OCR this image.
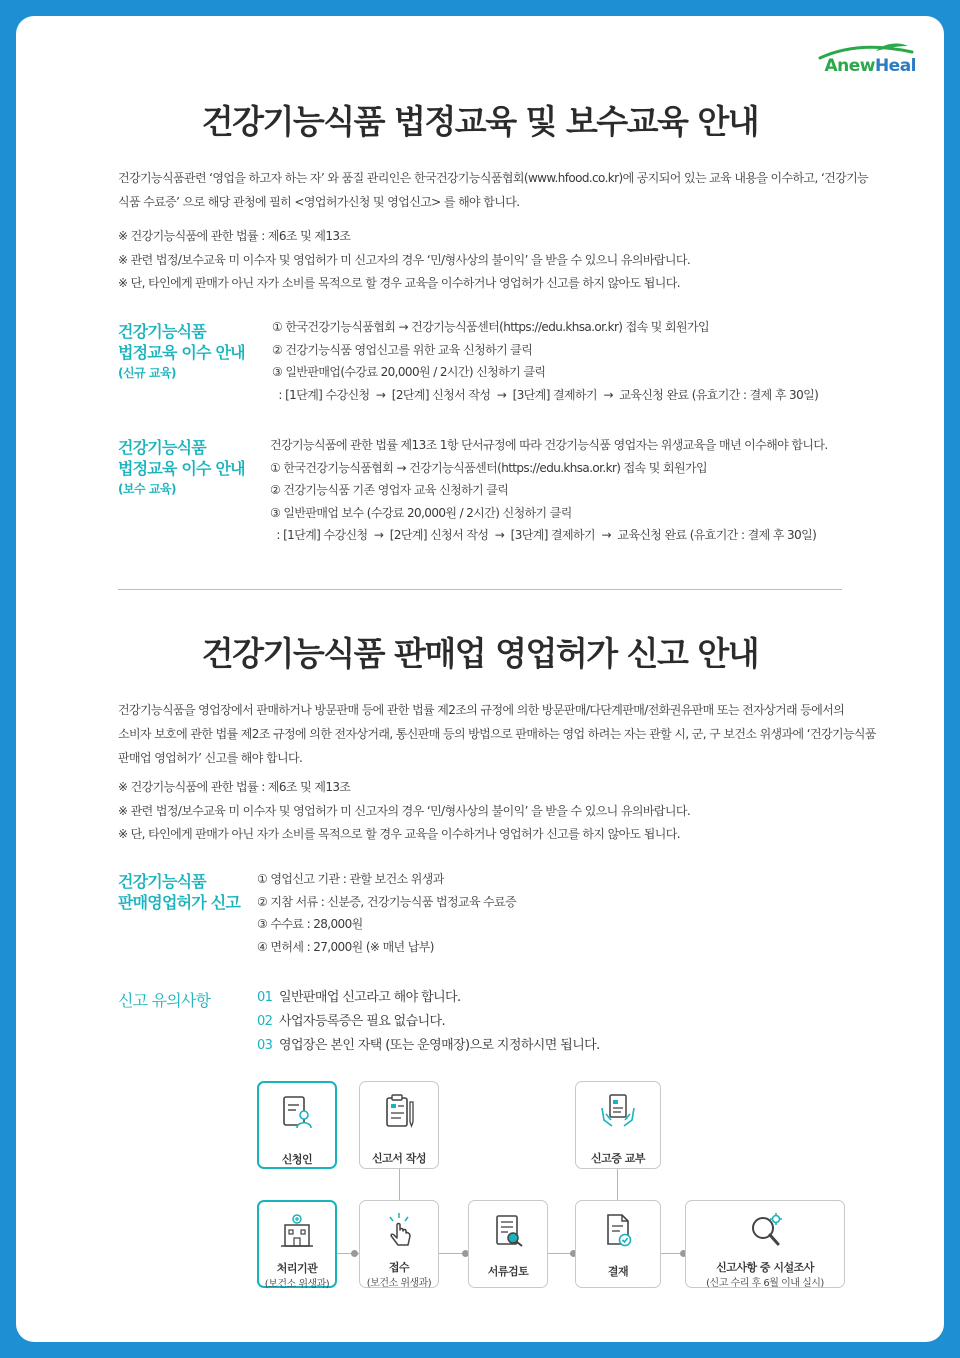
AnewHeal
건강기능식품 법정교육 및 보수교육 안내
건강기능식품관련 ‘영업을 하고자 하는 자’ 와 품질 관리인은 한국건강기능식품협회(www.hfood.co.kr)에 공지되어 있는 교육 내용을 이수하고, ‘건강기능
식품 수료증’ 으로 해당 관청에 필히 <영업허가신청 및 영업신고> 를 해야 합니다.
※ 건강기능식품에 관한 법률 : 제6조 및 제13조
※ 관련 법정/보수교육 미 이수자 및 영업허가 미 신고자의 경우 ‘민/형사상의 불이익’ 을 받을 수 있으니 유의바랍니다.
※ 단, 타인에게 판매가 아닌 자가 소비를 목적으로 할 경우 교육을 이수하거나 영업허가 신고를 하지 않아도 됩니다.
건강기능식품
법정교육 이수 안내
(신규 교육)
① 한국건강기능식품협회 → 건강기능식품센터(https://edu.khsa.or.kr) 접속 및 회원가입
② 건강기능식품 영업신고를 위한 교육 신청하기 클릭
③ 일반판매업(수강료 20,000원 / 2시간) 신청하기 클릭
: [1단계] 수강신청  →  [2단계] 신청서 작성  →  [3단계] 결제하기  →  교육신청 완료 (유효기간 : 결제 후 30일)
건강기능식품
법정교육 이수 안내
(보수 교육)
건강기능식품에 관한 법률 제13조 1항 단서규정에 따라 건강기능식품 영업자는 위생교육을 매년 이수해야 합니다.
① 한국건강기능식품협회 → 건강기능식품센터(https://edu.khsa.or.kr) 접속 및 회원가입
② 건강기능식품 기존 영업자 교육 신청하기 클릭
③ 일반판매업 보수 (수강료 20,000원 / 2시간) 신청하기 클릭
: [1단계] 수강신청  →  [2단계] 신청서 작성  →  [3단계] 결제하기  →  교육신청 완료 (유효기간 : 결제 후 30일)
건강기능식품 판매업 영업허가 신고 안내
건강기능식품을 영업장에서 판매하거나 방문판매 등에 관한 법률 제2조의 규정에 의한 방문판매/다단계판매/전화권유판매 또는 전자상거래 등에서의
소비자 보호에 관한 법률 제2조 규정에 의한 전자상거래, 통신판매 등의 방법으로 판매하는 영업 하려는 자는 관할 시, 군, 구 보건소 위생과에 ‘건강기능식품
판매업 영업허가’ 신고를 해야 합니다.
※ 건강기능식품에 관한 법률 : 제6조 및 제13조
※ 관련 법정/보수교육 미 이수자 및 영업허가 미 신고자의 경우 ‘민/형사상의 불이익’ 을 받을 수 있으니 유의바랍니다.
※ 단, 타인에게 판매가 아닌 자가 소비를 목적으로 할 경우 교육을 이수하거나 영업허가 신고를 하지 않아도 됩니다.
건강기능식품
판매영업허가 신고
① 영업신고 기관 : 관할 보건소 위생과
② 지참 서류 : 신분증, 건강기능식품 법정교육 수료증
③ 수수료 : 28,000원
④ 면허세 : 27,000원 (※ 매년 납부)
신고 유의사항	01 일반판매업 신고라고 해야 합니다.
02 사업자등록증은 필요 없습니다.
03 영업장은 본인 자택 (또는 운영매장)으로 지정하시면 됩니다.
신청인	신고서 작성	신고증 교부
처리기관
(보건소 위생과)
접수
(보건소 위생과)
서류검토	결재	신고사항 중 시설조사
(신고 수리 후 6월 이내 실시)
